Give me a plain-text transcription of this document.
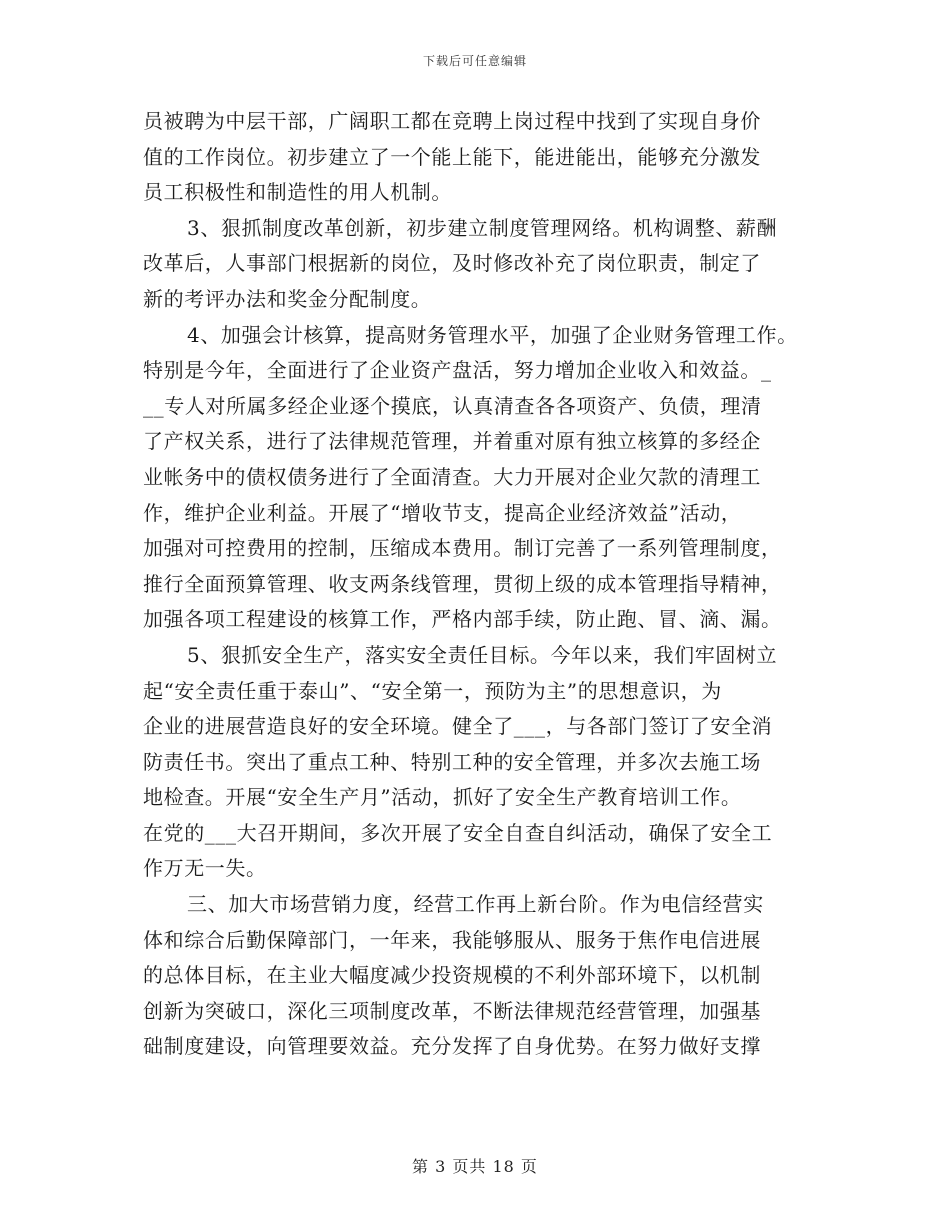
下载后可任意编辑
员被聘为中层干部，广阔职工都在竞聘上岗过程中找到了实现自身价
值的工作岗位。初步建立了一个能上能下，能进能出，能够充分激发
员工积极性和制造性的用人机制。
3、狠抓制度改革创新，初步建立制度管理网络。机构调整、薪酬
改革后，人事部门根据新的岗位，及时修改补充了岗位职责，制定了
新的考评办法和奖金分配制度。
4、加强会计核算，提高财务管理水平，加强了企业财务管理工作。
特别是今年，全面进行了企业资产盘活，努力增加企业收入和效益。_
__专人对所属多经企业逐个摸底，认真清查各各项资产、负债，理清
了产权关系，进行了法律规范管理，并着重对原有独立核算的多经企
业帐务中的债权债务进行了全面清查。大力开展对企业欠款的清理工
作，维护企业利益。开展了“增收节支，提高企业经济效益”活动，
加强对可控费用的控制，压缩成本费用。制订完善了一系列管理制度，
推行全面预算管理、收支两条线管理，贯彻上级的成本管理指导精神，
加强各项工程建设的核算工作，严格内部手续，防止跑、冒、滴、漏。
5、狠抓安全生产，落实安全责任目标。今年以来，我们牢固树立
起“安全责任重于泰山”、“安全第一，预防为主”的思想意识，为
企业的进展营造良好的安全环境。健全了___，与各部门签订了安全消
防责任书。突出了重点工种、特别工种的安全管理，并多次去施工场
地检查。开展“安全生产月”活动，抓好了安全生产教育培训工作。
在党的___大召开期间，多次开展了安全自查自纠活动，确保了安全工
作万无一失。
三、加大市场营销力度，经营工作再上新台阶。作为电信经营实
体和综合后勤保障部门，一年来，我能够服从、服务于焦作电信进展
的总体目标，在主业大幅度减少投资规模的不利外部环境下，以机制
创新为突破口，深化三项制度改革，不断法律规范经营管理，加强基
础制度建设，向管理要效益。充分发挥了自身优势。在努力做好支撑
第 3 页共 18 页
